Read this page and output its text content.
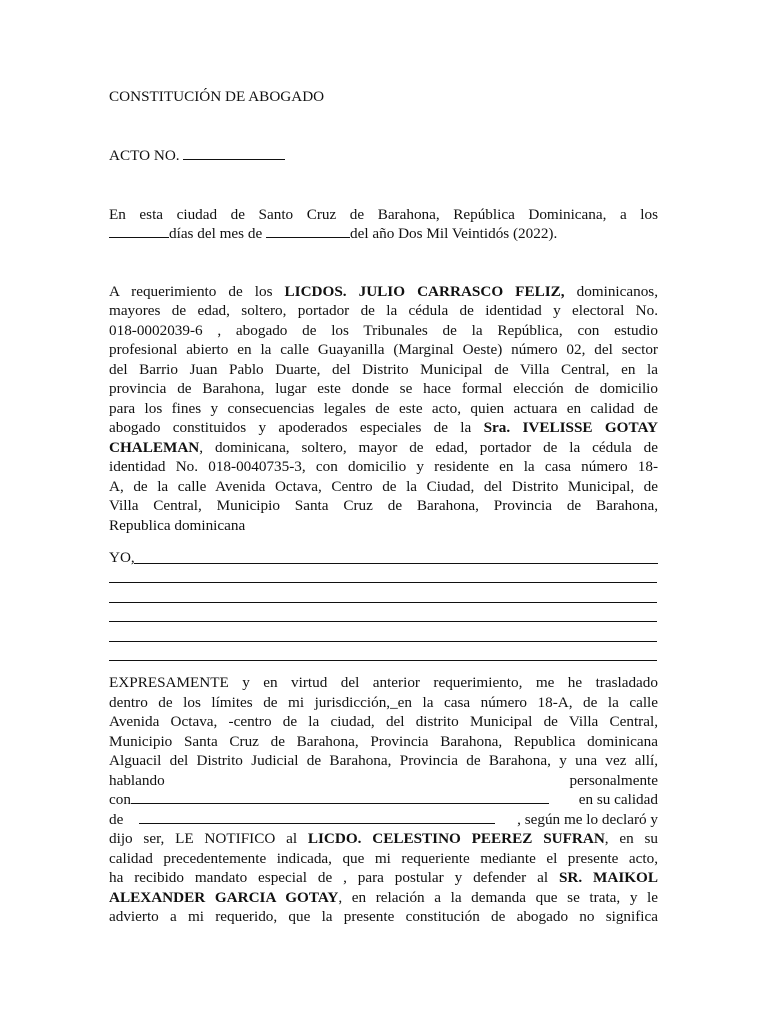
CONSTITUCIÓN DE ABOGADO
ACTO NO.
En esta ciudad de Santo Cruz de Barahona, República Dominicana, a los
días del mes de	del año Dos Mil Veintidós (2022).
A requerimiento de los LICDOS. JULIO CARRASCO FELIZ, dominicanos,
mayores de edad, soltero, portador de la cédula de identidad y electoral No.
018-0002039-6 , abogado de los Tribunales de la República, con estudio
profesional abierto en la calle Guayanilla (Marginal Oeste) número 02, del sector
del Barrio Juan Pablo Duarte, del Distrito Municipal de Villa Central, en la
provincia de Barahona, lugar este donde se hace formal elección de domicilio
para los fines y consecuencias legales de este acto, quien actuara en calidad de
abogado constituidos y apoderados especiales de la Sra. IVELISSE GOTAY
CHALEMAN, dominicana, soltero, mayor de edad, portador de la cédula de
identidad No. 018-0040735-3, con domicilio y residente en la casa número 18-
A, de la calle Avenida Octava, Centro de la Ciudad, del Distrito Municipal, de
Villa Central, Municipio Santa Cruz de Barahona, Provincia de Barahona,
Republica dominicana
YO,
EXPRESAMENTE y en virtud del anterior requerimiento, me he trasladado
dentro de los límites de mi jurisdicción,_en la casa número 18-A, de la calle
Avenida Octava, -centro de la ciudad, del distrito Municipal de Villa Central,
Municipio Santa Cruz de Barahona, Provincia Barahona, Republica dominicana
Alguacil del Distrito Judicial de Barahona, Provincia de Barahona, y una vez allí,
hablando	personalmente
con	en su calidad
de	, según me lo declaró y
dijo ser, LE NOTIFICO al LICDO. CELESTINO PEEREZ SUFRAN, en su
calidad precedentemente indicada, que mi requeriente mediante el presente acto,
ha recibido mandato especial de , para postular y defender al SR. MAIKOL
ALEXANDER GARCIA GOTAY, en relación a la demanda que se trata, y le
advierto a mi requerido, que la presente constitución de abogado no significa
